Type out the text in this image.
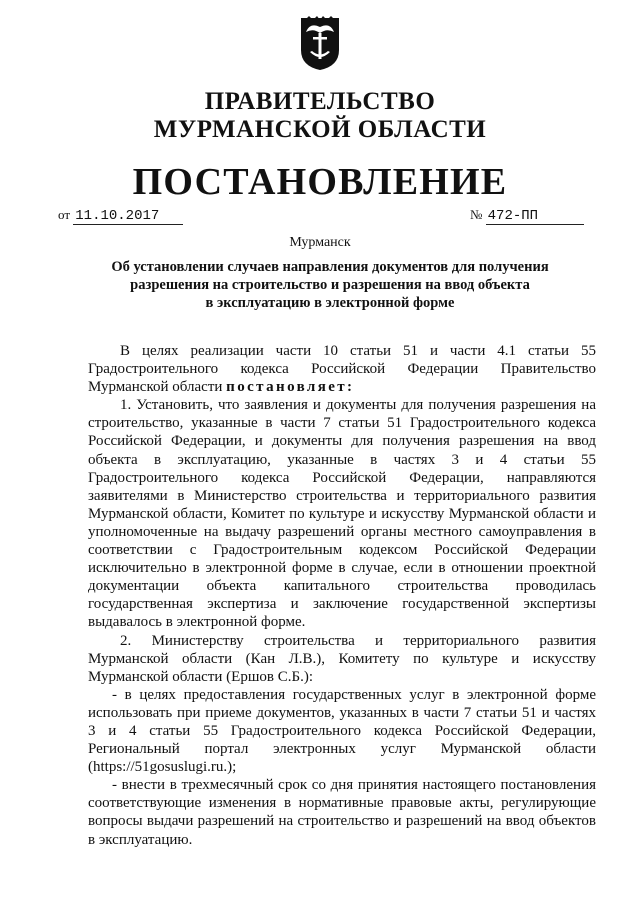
ПРАВИТЕЛЬСТВО
МУРМАНСКОЙ ОБЛАСТИ
ПОСТАНОВЛЕНИЕ
от 11.10.2017	№ 472-ПП
Мурманск
Об установлении случаев направления документов для получения
разрешения на строительство и разрешения на ввод объекта
в эксплуатацию в электронной форме

В целях реализации части 10 статьи 51 и части 4.1 статьи 55 Градостроительного кодекса Российской Федерации Правительство Мурманской области постановляет:

1. Установить, что заявления и документы для получения разрешения на строительство, указанные в части 7 статьи 51 Градостроительного кодекса Российской Федерации, и документы для получения разрешения на ввод объекта в эксплуатацию, указанные в частях 3 и 4 статьи 55 Градостроительного кодекса Российской Федерации, направляются заявителями в Министерство строительства и территориального развития Мурманской области, Комитет по культуре и искусству Мурманской области и уполномоченные на выдачу разрешений органы местного самоуправления в соответствии с Градостроительным кодексом Российской Федерации исключительно в электронной форме в случае, если в отношении проектной документации объекта капитального строительства проводилась государственная экспертиза и заключение государственной экспертизы выдавалось в электронной форме.

2. Министерству строительства и территориального развития Мурманской области (Кан Л.В.), Комитету по культуре и искусству Мурманской области (Ершов С.Б.):

- в целях предоставления государственных услуг в электронной форме использовать при приеме документов, указанных в части 7 статьи 51 и частях 3 и 4 статьи 55 Градостроительного кодекса Российской Федерации, Региональный портал электронных услуг Мурманской области (https://51gosuslugi.ru.);

- внести в трехмесячный срок со дня принятия настоящего постановления соответствующие изменения в нормативные правовые акты, регулирующие вопросы выдачи разрешений на строительство и разрешений на ввод объектов в эксплуатацию.
